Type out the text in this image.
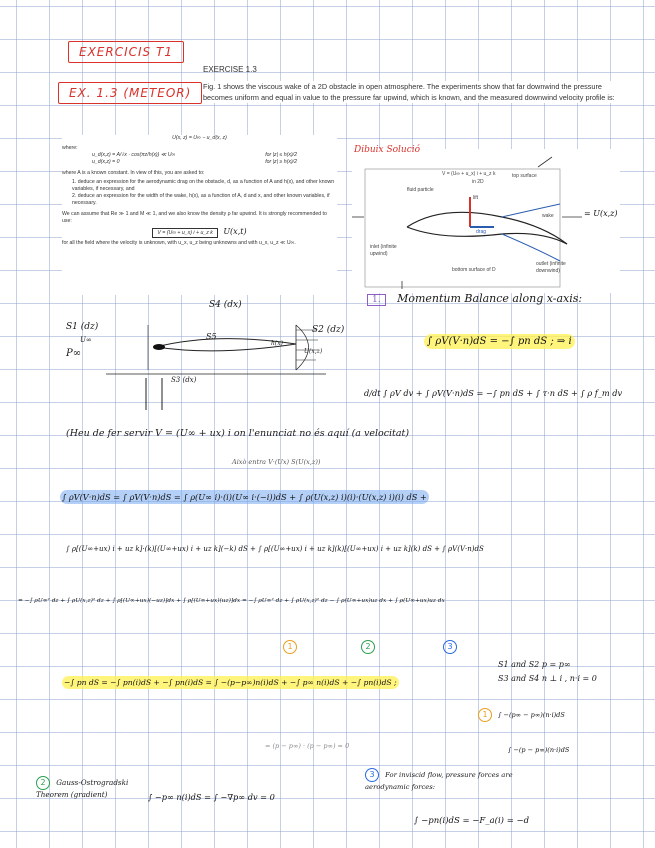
EXERCICIS T1
EX. 1.3 (METEOR)
EXERCISE 1.3
Fig. 1 shows the viscous wake of a 2D obstacle in open atmosphere. The experiments show that far downwind the pressure becomes uniform and equal in value to the pressure far upwind, which is known, and the measured downwind velocity profile is:
U(x, z) = U∞ − u_d(x, z)
where:
u_d(x,z) = A/√x · cos(πz/h(x)) ≪ U∞	for |z| ≤ h(x)/2
u_d(x,z) = 0	for |z| ≥ h(x)/2
where A is a known constant. In view of this, you are asked to:
1. deduce an expression for the aerodynamic drag on the obstacle, d, as a function of A and h(x), and other known variables, if necessary, and
2. deduce an expression for the width of the wake, h(x), as a function of A, d and x, and other known variables, if necessary.
We can assume that Re ≫ 1 and M ≪ 1, and we also know the density ρ far upwind. It is strongly recommended to use:
V = (U∞ + u_x) i + u_z k U(x,t)
for all the field where the velocity is unknown, with u_x, u_z being unknowns and with u_x, u_z ≪ U∞.
Dibuix Solució
fluid particle
top surface
bottom surface of D
inlet (infinite upwind)
outlet (infinite downwind)
wake
lift
drag
V = (U∞ + u_x) i + u_z k
in 2D
= U(x,z)
S4 (dx)
S1 (dz)	S2 (dz)
S3 (dx)
S5
U∞
P∞
h(x)
U(x,z)
1. Momentum Balance along x-axis:
∫ ρV(V·n)dS = −∫ pn dS ; ⇒ i
d/dt ∫ ρV dv + ∫ ρV(V·n)dS = −∫ pn dS + ∫ τ·n dS + ∫ ρ f_m dv
(Heu de fer servir V = (U∞ + ux) i on l'enunciat no és aquí (a velocitat)
Això entra V·(Ux) S(U(x,z))
∫ ρV(V·n)dS = ∫ ρV(V·n)dS = ∫ ρ(U∞ i)·(i)(U∞ i·(−i))dS + ∫ ρ(U(x,z) i)(i)·(U(x,z) i)(i) dS +
∫ ρ[(U∞+ux) i + uz k]·(k)[(U∞+ux) i + uz k](−k) dS + ∫ ρ[(U∞+ux) i + uz k](k)[(U∞+ux) i + uz k](k) dS + ∫ ρV(V·n)dS
= −∫ ρU∞² dz + ∫ ρU(x,z)² dz + ∫ ρ[(U∞+ux)(−uz)]dx + ∫ ρ[(U∞+ux)(uz)]dx = −∫ ρU∞² dz + ∫ ρU(x,z)² dz − ∫ ρ(U∞+ux)uz dx + ∫ ρ(U∞+ux)uz dx
1	2	3
−∫ pn dS = −∫ pn(i)dS + −∫ pn(i)dS = ∫ −(p−p∞)n(i)dS + −∫ p∞ n(i)dS + −∫ pn(i)dS ;
S1 and S2 p = p∞
S3 and S4 n ⊥ i , n·i = 0
1 ∫ −(p∞ − p∞)(n·i)dS
∫ −(p − p∞)(n·i)dS
= (p − p∞) · (p − p∞) = 0
2 Gauss-Ostrogradski Theorem (gradient)	∫ −p∞ n(i)dS = ∫ −∇p∞ dv = 0
3 For inviscid flow, pressure forces are aerodynamic forces:
∫ −pn(i)dS = −F_a(i) = −d
